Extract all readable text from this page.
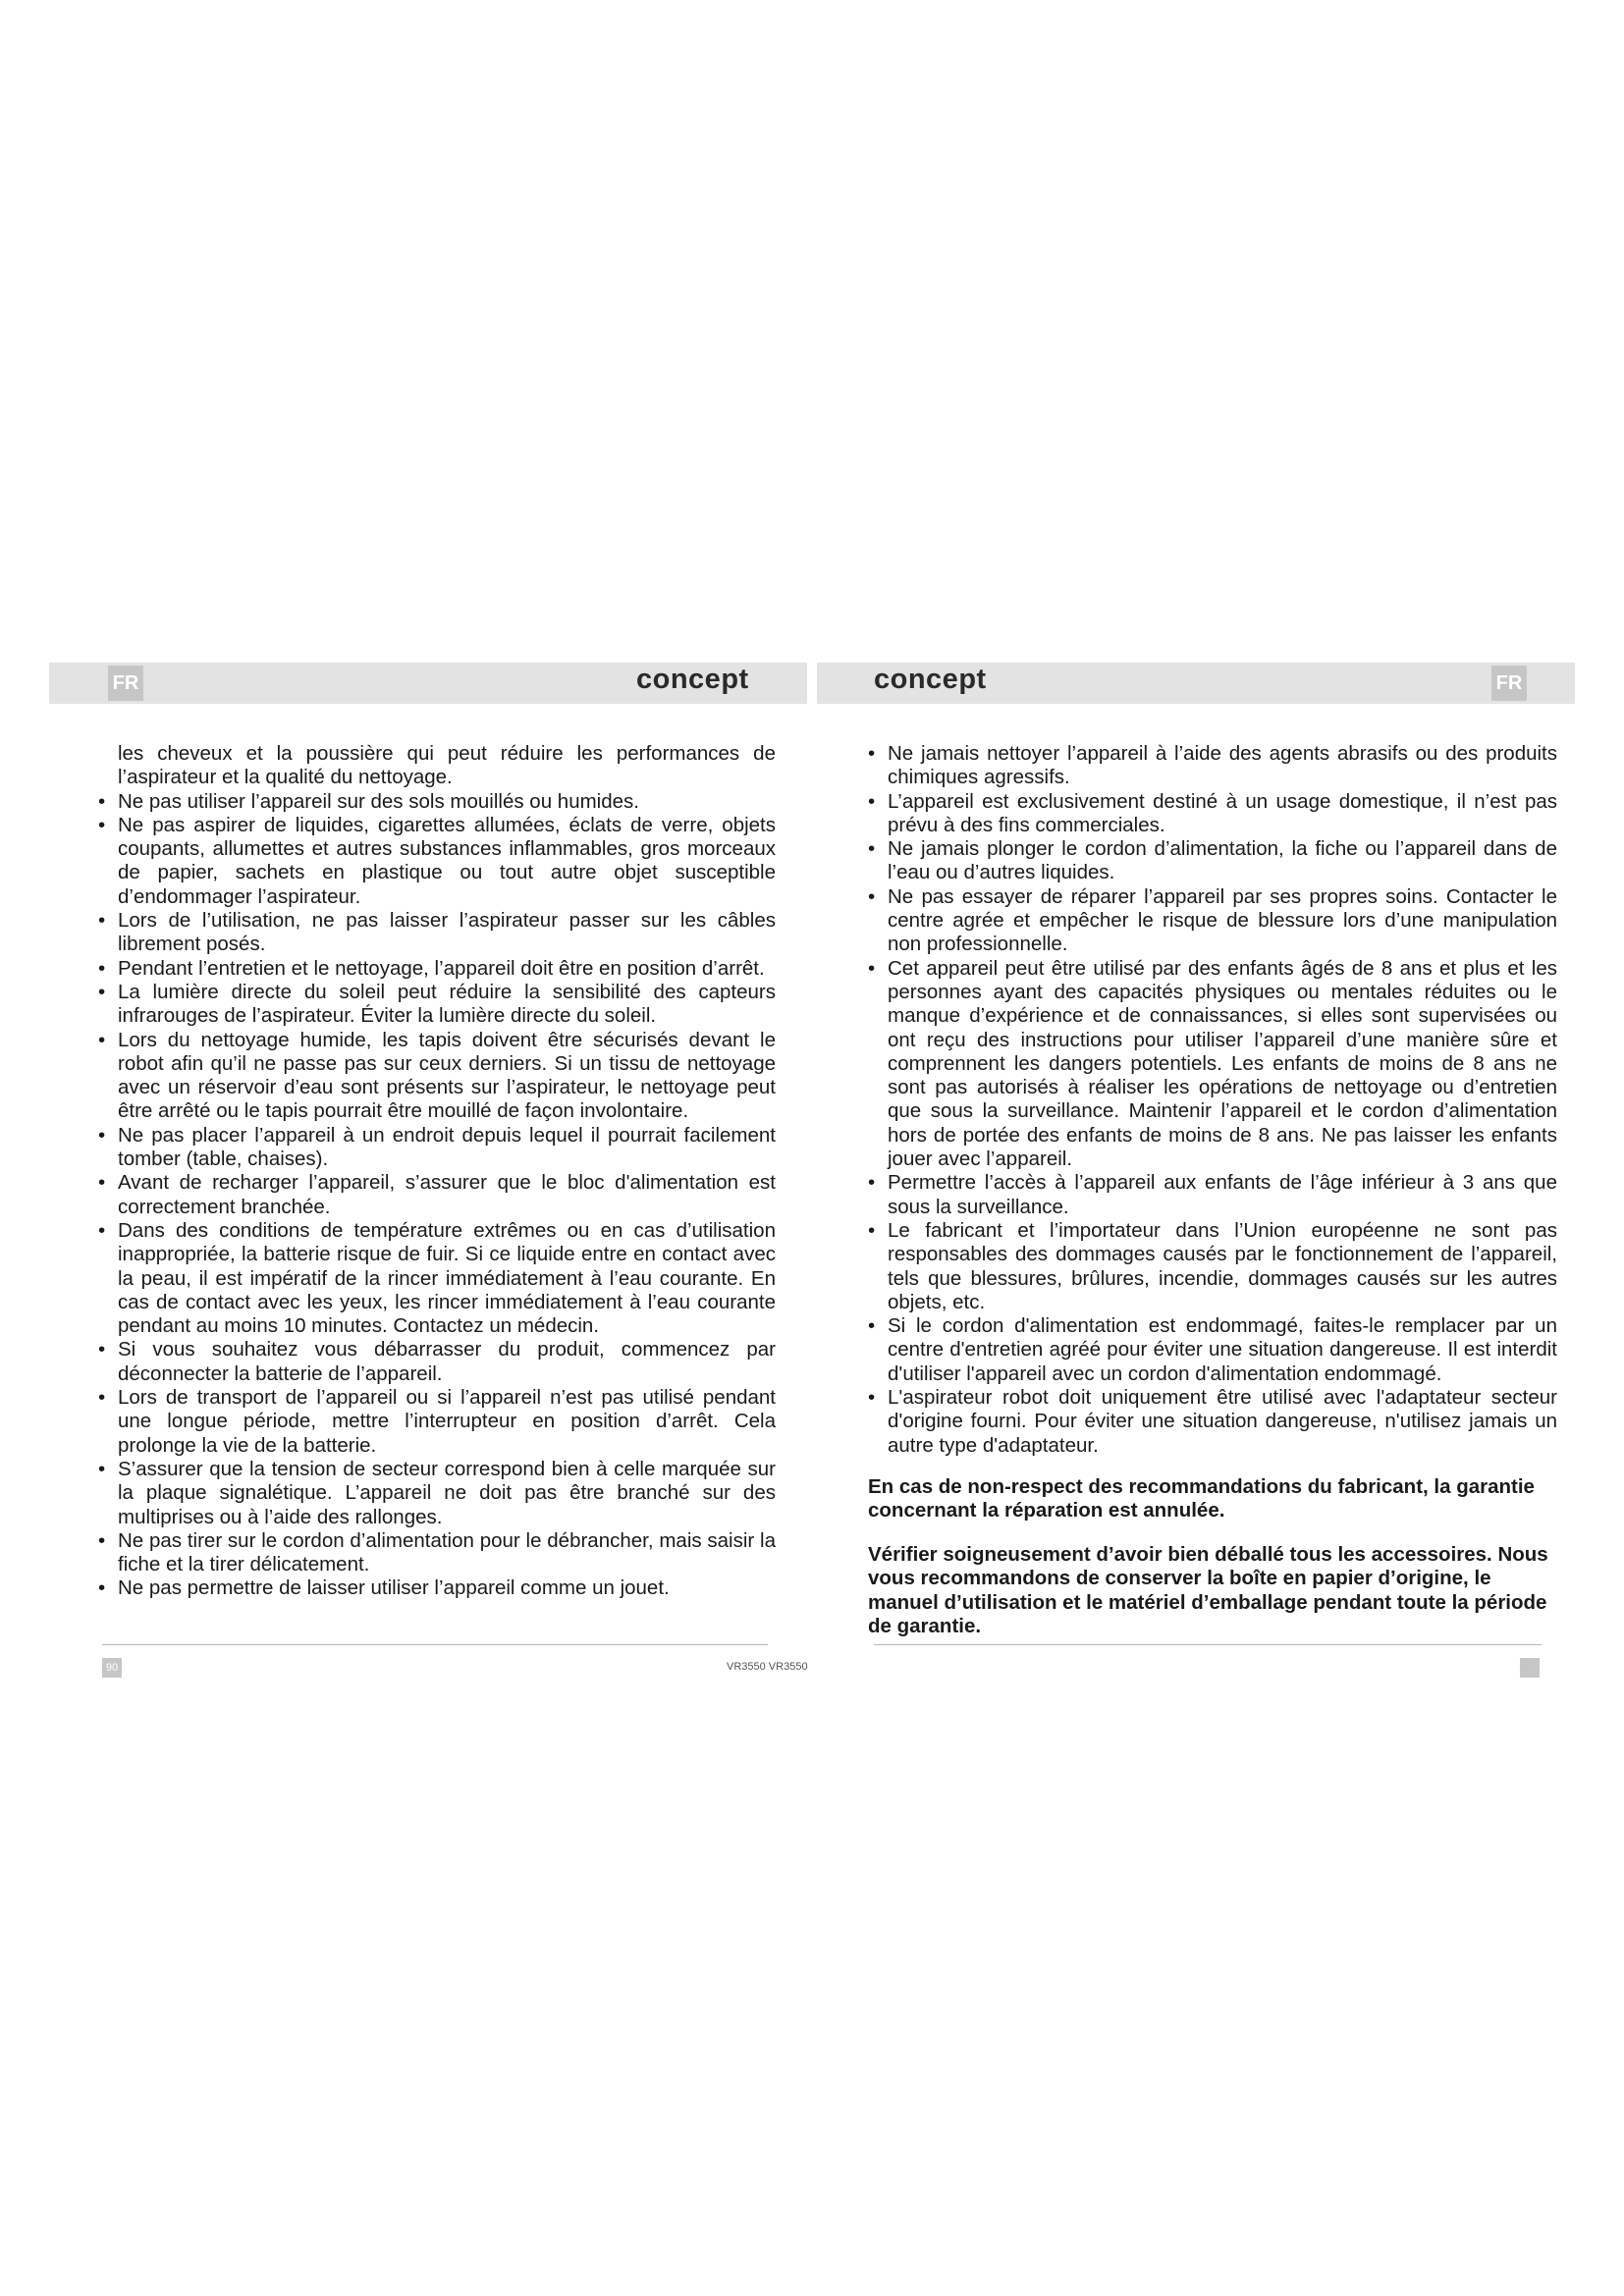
FR	FR
concept	concept

les cheveux et la poussière qui peut réduire les performances de l’aspirateur et la qualité du nettoyage.

• Ne pas utiliser l’appareil sur des sols mouillés ou humides.
• Ne pas aspirer de liquides, cigarettes allumées, éclats de verre, objets coupants, allumettes et autres substances inflammables, gros morceaux de papier, sachets en plastique ou tout autre objet susceptible d’endommager l’aspirateur.
• Lors de l’utilisation, ne pas laisser l’aspirateur passer sur les câbles librement posés.
• Pendant l’entretien et le nettoyage, l’appareil doit être en position d’arrêt.
• La lumière directe du soleil peut réduire la sensibilité des capteurs infrarouges de l’aspirateur. Éviter la lumière directe du soleil.
• Lors du nettoyage humide, les tapis doivent être sécurisés devant le robot afin qu’il ne passe pas sur ceux derniers. Si un tissu de nettoyage avec un réservoir d’eau sont présents sur l’aspirateur, le nettoyage peut être arrêté ou le tapis pourrait être mouillé de façon involontaire.
• Ne pas placer l’appareil à un endroit depuis lequel il pourrait facilement tomber (table, chaises).
• Avant de recharger l’appareil, s’assurer que le bloc d'alimentation est correctement branchée.
• Dans des conditions de température extrêmes ou en cas d’utilisation inappropriée, la batterie risque de fuir. Si ce liquide entre en contact avec la peau, il est impératif de la rincer immédiatement à l’eau courante. En cas de contact avec les yeux, les rincer immédiatement à l’eau courante pendant au moins 10 minutes. Contactez un médecin.
• Si vous souhaitez vous débarrasser du produit, commencez par déconnecter la batterie de l’appareil.
• Lors de transport de l’appareil ou si l’appareil n’est pas utilisé pendant une longue période, mettre l’interrupteur en position d’arrêt. Cela prolonge la vie de la batterie.
• S’assurer que la tension de secteur correspond bien à celle marquée sur la plaque signalétique. L’appareil ne doit pas être branché sur des multiprises ou à l’aide des rallonges.
• Ne pas tirer sur le cordon d’alimentation pour le débrancher, mais saisir la fiche et la tirer délicatement.
• Ne pas permettre de laisser utiliser l’appareil comme un jouet.
• Ne jamais nettoyer l’appareil à l’aide des agents abrasifs ou des produits chimiques agressifs.
• L’appareil est exclusivement destiné à un usage domestique, il n’est pas prévu à des fins commerciales.
• Ne jamais plonger le cordon d’alimentation, la fiche ou l’appareil dans de l’eau ou d’autres liquides.
• Ne pas essayer de réparer l’appareil par ses propres soins. Contacter le centre agrée et empêcher le risque de blessure lors d’une manipulation non professionnelle.
• Cet appareil peut être utilisé par des enfants âgés de 8 ans et plus et les personnes ayant des capacités physiques ou mentales réduites ou le manque d’expérience et de connaissances, si elles sont supervisées ou ont reçu des instructions pour utiliser l’appareil d’une manière sûre et comprennent les dangers potentiels. Les enfants de moins de 8 ans ne sont pas autorisés à réaliser les opérations de nettoyage ou d’entretien que sous la surveillance. Maintenir l’appareil et le cordon d’alimentation hors de portée des enfants de moins de 8 ans. Ne pas laisser les enfants jouer avec l’appareil.
• Permettre l’accès à l’appareil aux enfants de l’âge inférieur à 3 ans que sous la surveillance.
• Le fabricant et l’importateur dans l’Union européenne ne sont pas responsables des dommages causés par le fonctionnement de l’appareil, tels que blessures, brûlures, incendie, dommages causés sur les autres objets, etc.
• Si le cordon d'alimentation est endommagé, faites-le remplacer par un centre d'entretien agréé pour éviter une situation dangereuse. Il est interdit d'utiliser l'appareil avec un cordon d'alimentation endommagé.
• L'aspirateur robot doit uniquement être utilisé avec l'adaptateur secteur d'origine fourni. Pour éviter une situation dangereuse, n'utilisez jamais un autre type d'adaptateur.

En cas de non-respect des recommandations du fabricant, la garantie concernant la réparation est annulée.

Vérifier soigneusement d’avoir bien déballé tous les accessoires. Nous vous recommandons de conserver la boîte en papier d’origine, le manuel d’utilisation et le matériel d’emballage pendant toute la période de garantie.

90	VR3550 VR3550
